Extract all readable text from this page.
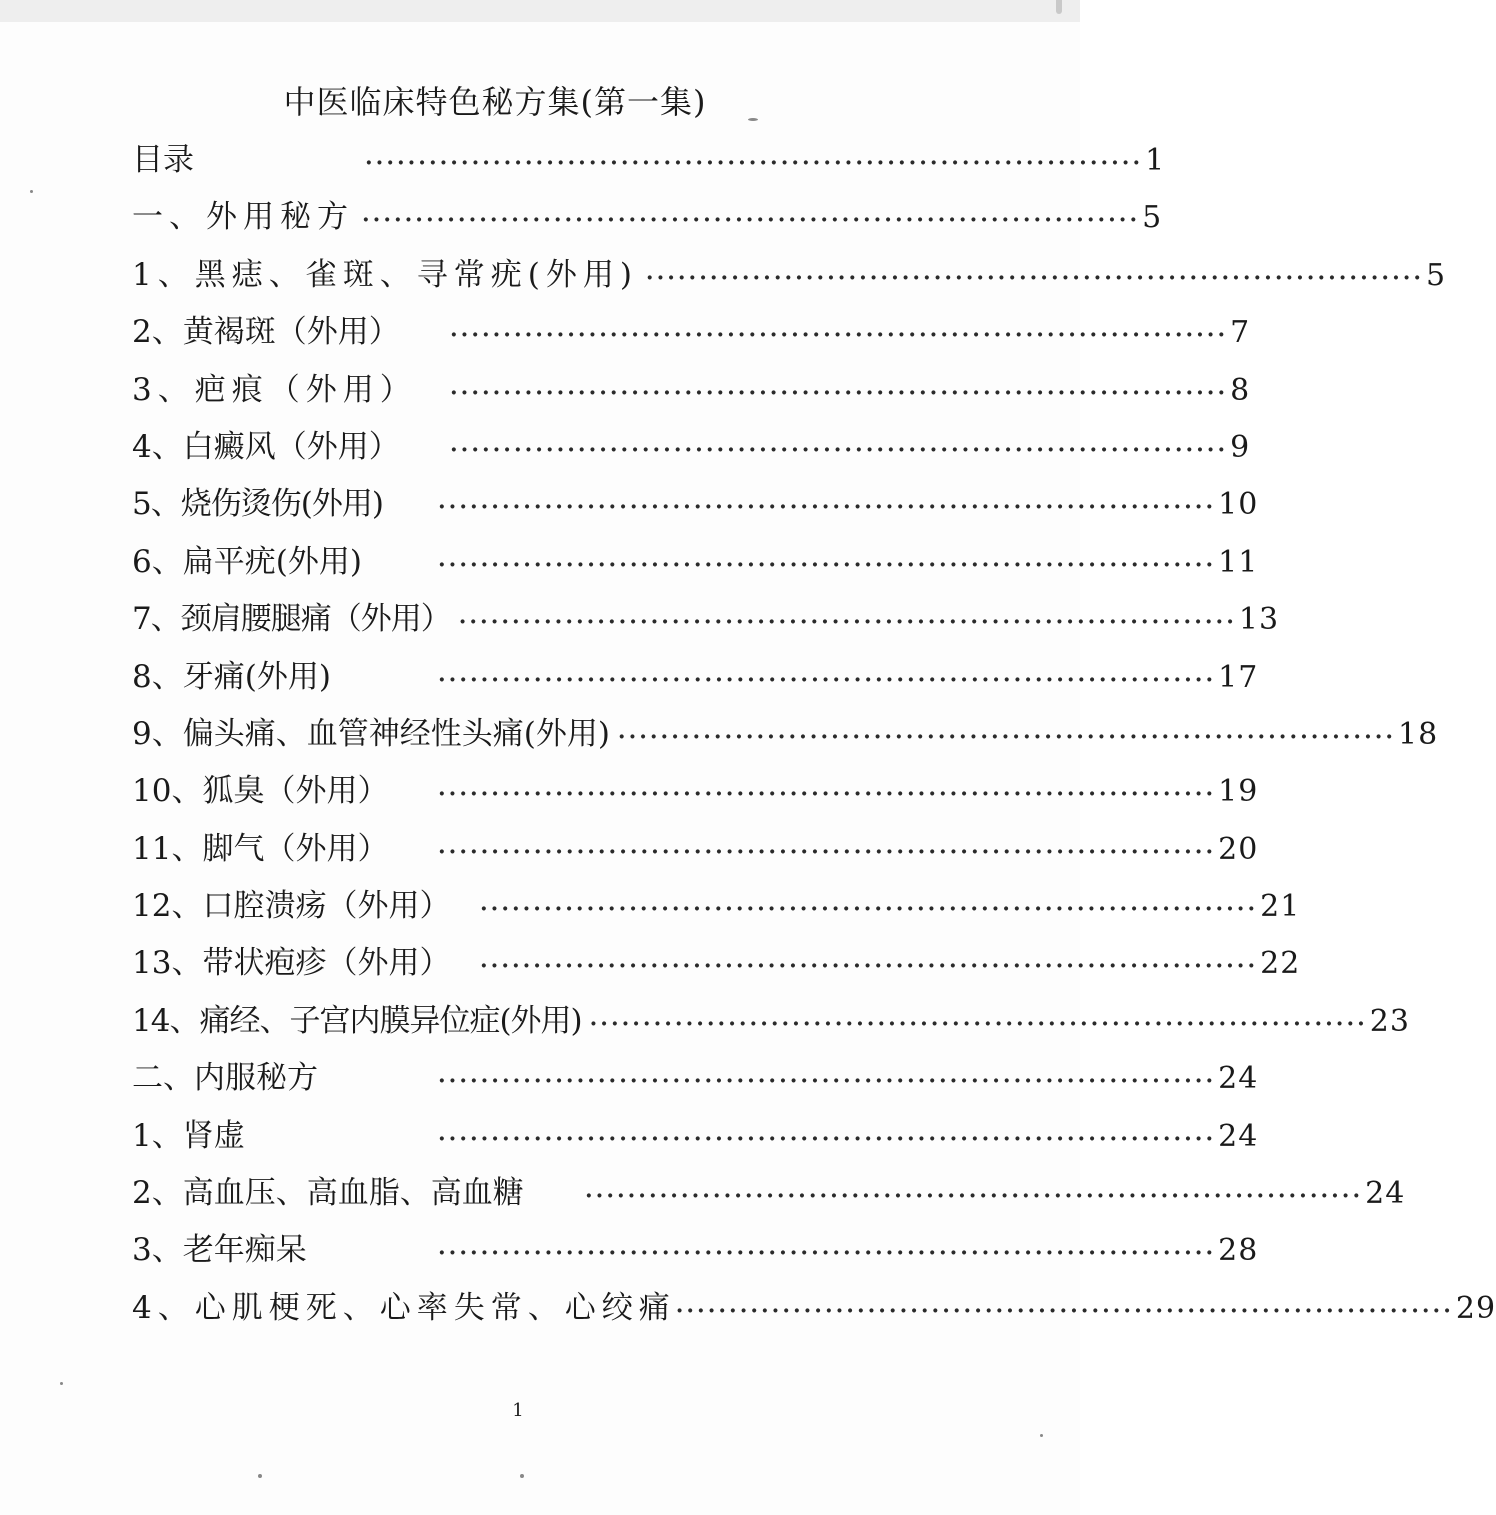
中医临床特色秘方集(第一集)
目录	········································································· 1
一、外用秘方 ········································································· 5
1、黑痣、雀斑、寻常疣(外用) ········································································· 5
2、黄褐斑（外用）	········································································· 7
3、疤痕（外用）	········································································· 8
4、白癜风（外用）	········································································· 9
5、烧伤烫伤(外用)	········································································· 10
6、扁平疣(外用)	········································································· 11
7、颈肩腰腿痛（外用） ········································································· 13
8、牙痛(外用)	········································································· 17
9、偏头痛、血管神经性头痛(外用) ········································································· 18
10、狐臭（外用）	········································································· 19
11、脚气（外用）	········································································· 20
12、口腔溃疡（外用）	········································································· 21
13、带状疱疹（外用）	········································································· 22
14、痛经、子宫内膜异位症(外用) ········································································· 23
二、内服秘方	········································································· 24
1、肾虚	········································································· 24
2、高血压、高血脂、高血糖	········································································· 24
3、老年痴呆	········································································· 28
4、心肌梗死、心率失常、心绞痛 ········································································· 29
1
